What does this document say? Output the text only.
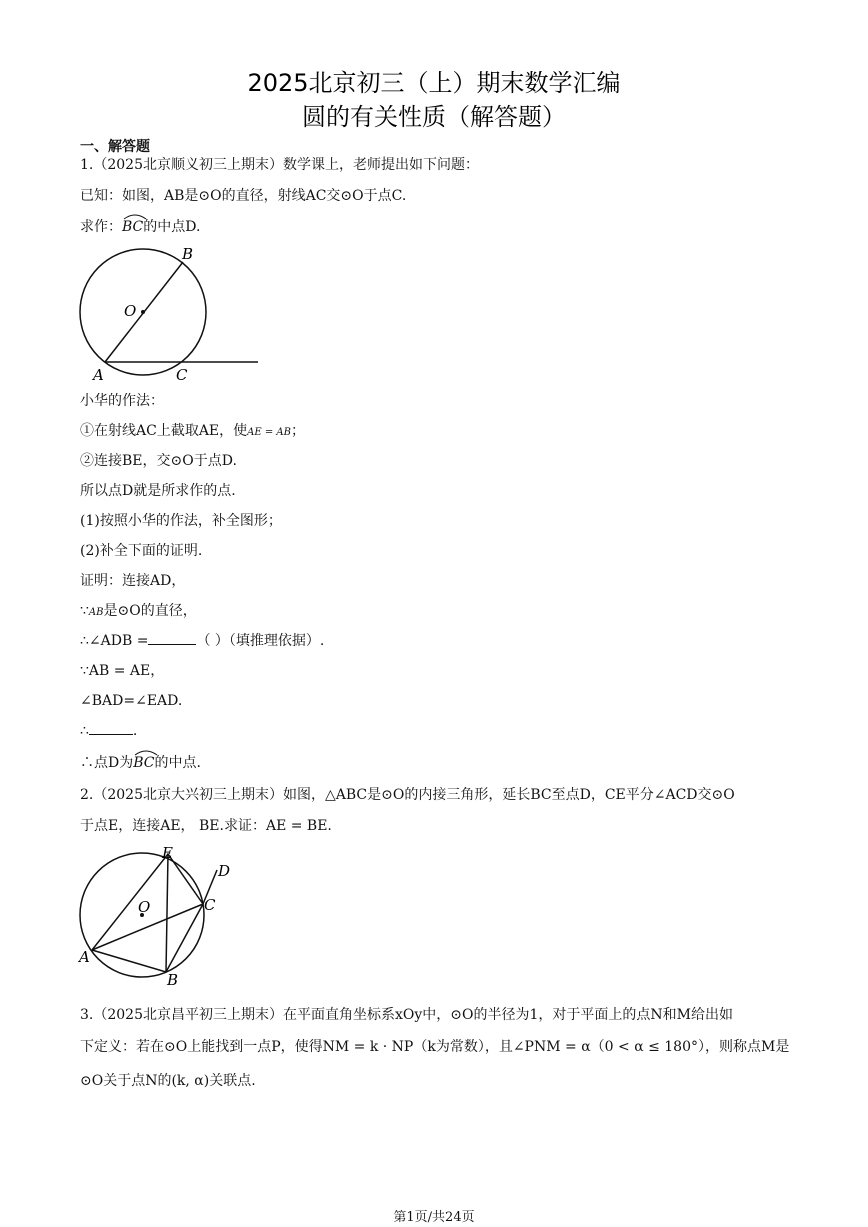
2025北京初三（上）期末数学汇编
圆的有关性质（解答题）
一、解答题
1.（2025北京顺义初三上期末）数学课上，老师提出如下问题：
已知：如图，AB是⊙O的直径，射线AC交⊙O于点C.
求作：
BC的中点D.
B
O
A	C
小华的作法：
①在射线AC上截取AE，使AE = AB；
②连接BE，交⊙O于点D.
所以点D就是所求作的点.
(1)按照小华的作法，补全图形；
(2)补全下面的证明.
证明：连接AD，
∵AB是⊙O的直径，
∴∠ADB =	（ ）（填推理依据）.
∵AB = AE，
∠BAD=∠EAD.
∴	.
∴点D为
BC的中点.
2.（2025北京大兴初三上期末）如图，△ABC是⊙O的内接三角形，延长BC至点D，CE平分∠ACD交⊙O
于点E，连接AE， BE.求证：AE = BE.
E
D
O	C
A
B
3.（2025北京昌平初三上期末）在平面直角坐标系xOy中，⊙O的半径为1，对于平面上的点N和M给出如
下定义：若在⊙O上能找到一点P，使得NM = k · NP（k为常数），且∠PNM = α（0 < α ≤ 180°），则称点M是
⊙O关于点N的(k, α)关联点.
第1页/共24页
